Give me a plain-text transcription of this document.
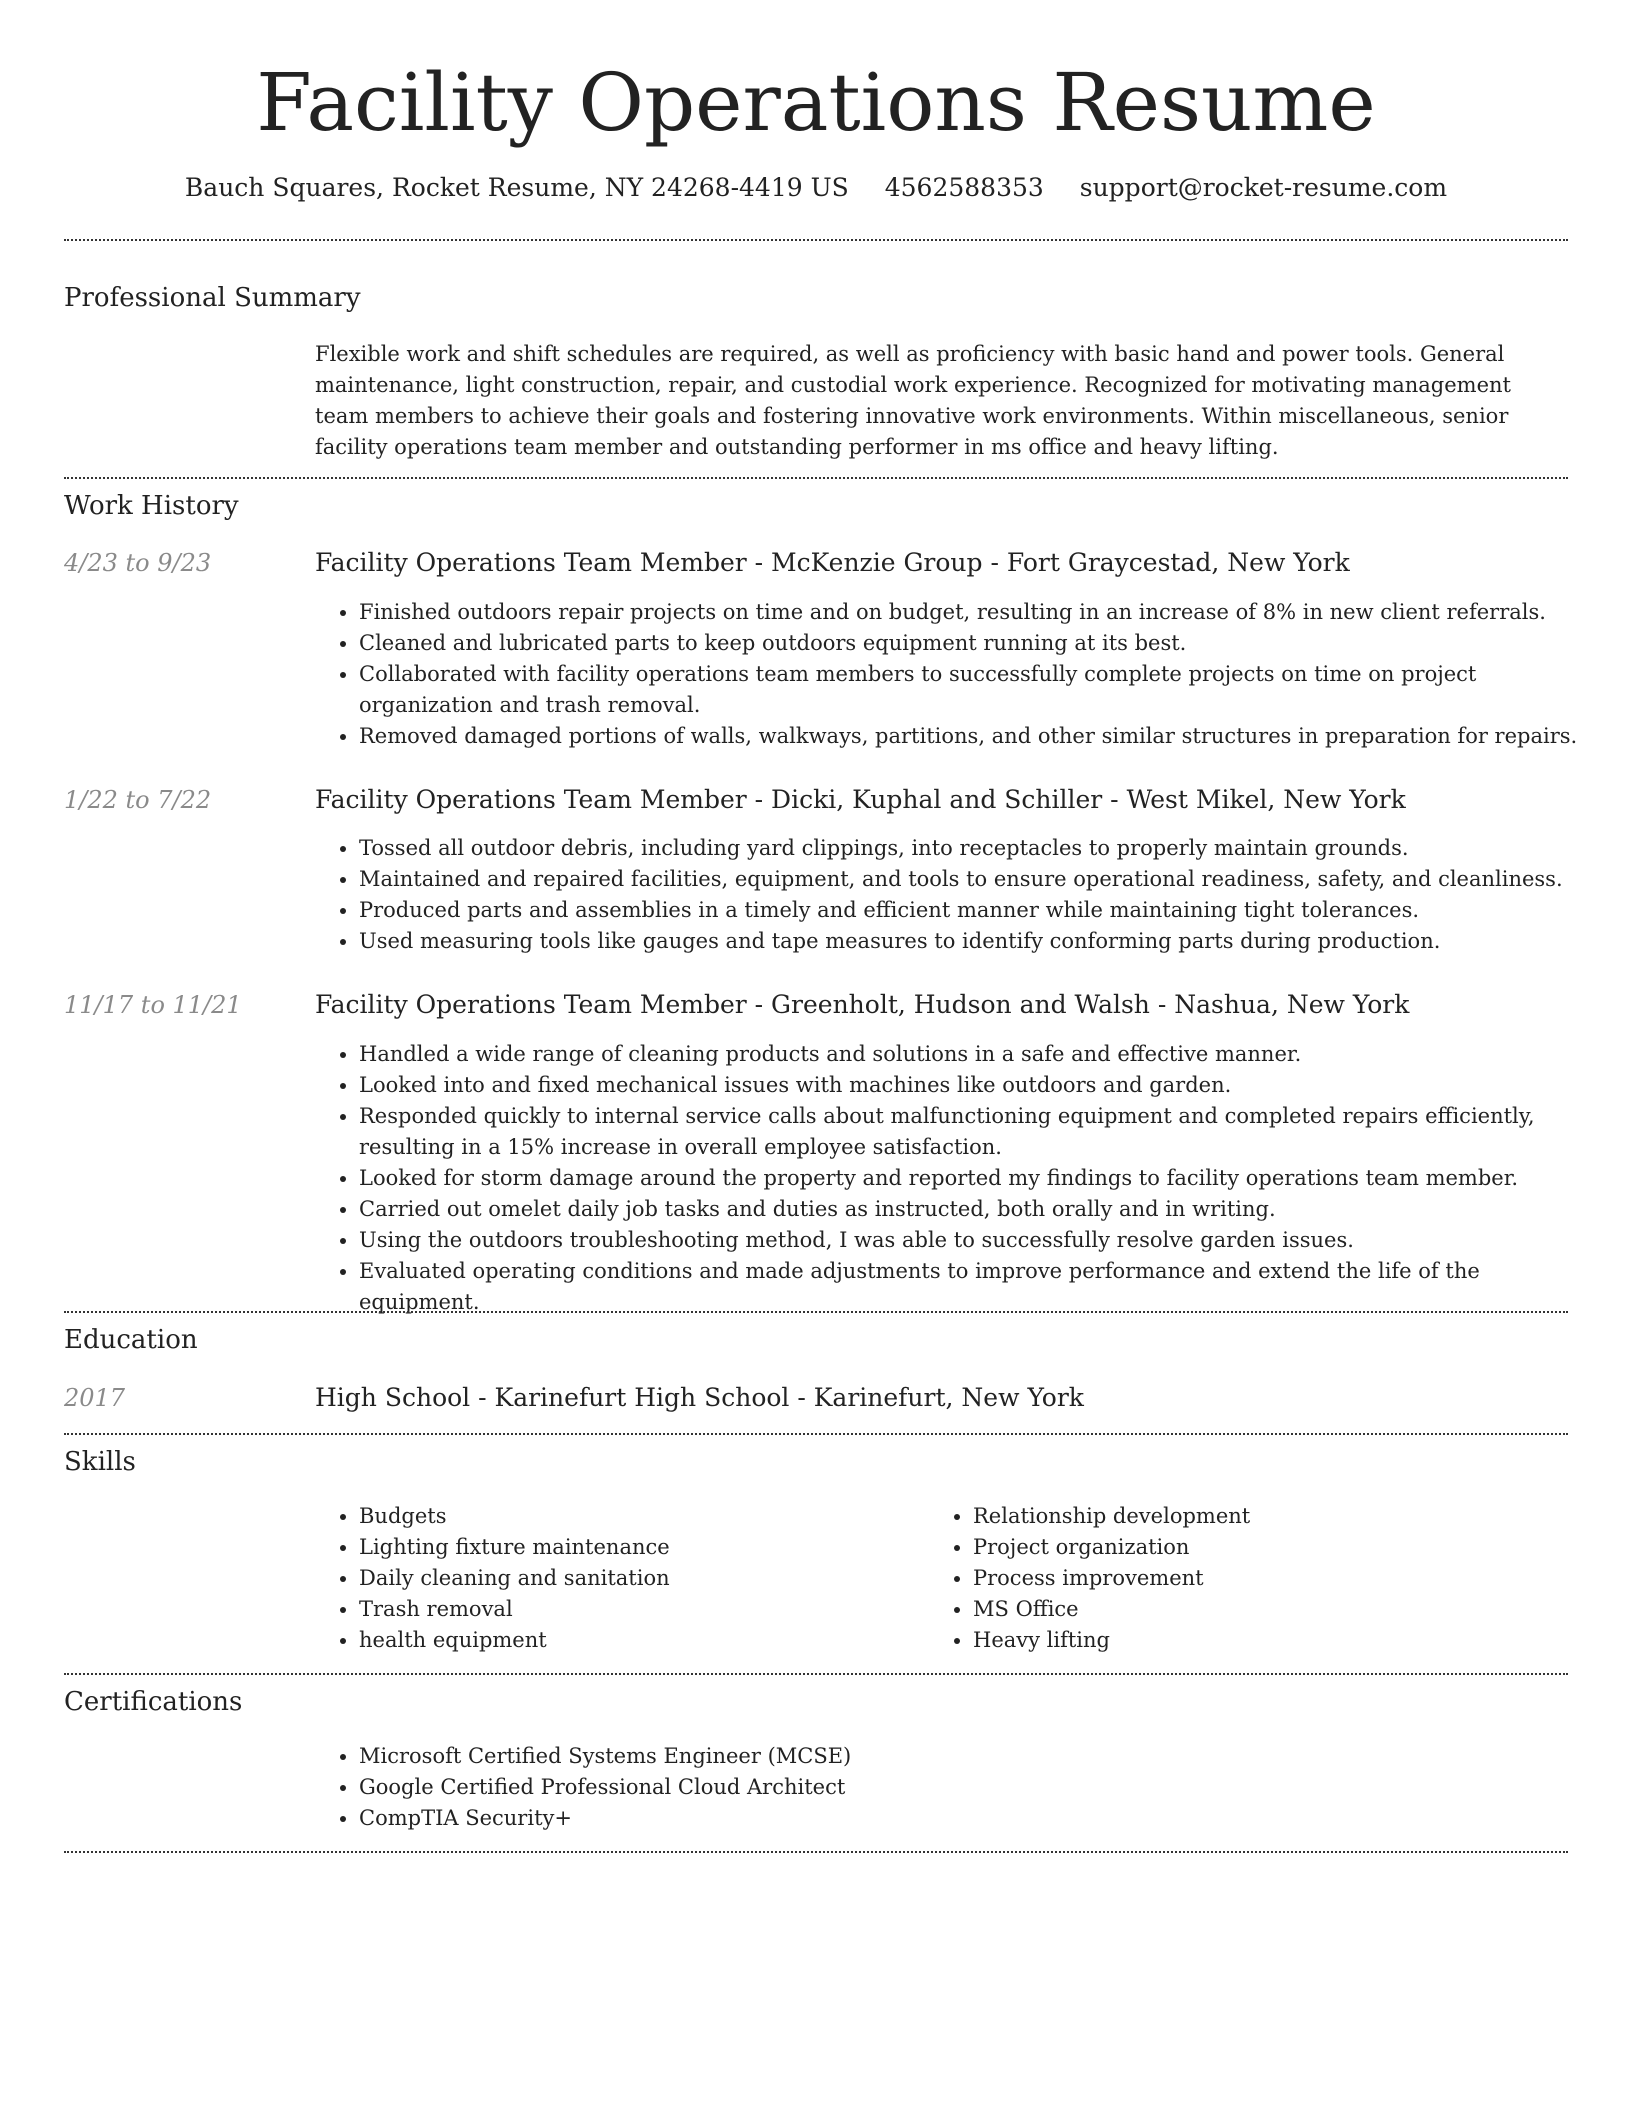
Facility Operations Resume
Bauch Squares, Rocket Resume, NY 24268-4419 US 4562588353 support@rocket-resume.com
Professional Summary
Flexible work and shift schedules are required, as well as proficiency with basic hand and power tools. General maintenance, light construction, repair, and custodial work experience. Recognized for motivating management team members to achieve their goals and fostering innovative work environments. Within miscellaneous, senior facility operations team member and outstanding performer in ms office and heavy lifting.
Work History
4/23 to 9/23	Facility Operations Team Member - McKenzie Group - Fort Graycestad, New York
• Finished outdoors repair projects on time and on budget, resulting in an increase of 8% in new client referrals.
• Cleaned and lubricated parts to keep outdoors equipment running at its best.
• Collaborated with facility operations team members to successfully complete projects on time on project organization and trash removal.
• Removed damaged portions of walls, walkways, partitions, and other similar structures in preparation for repairs.
1/22 to 7/22	Facility Operations Team Member - Dicki, Kuphal and Schiller - West Mikel, New York
• Tossed all outdoor debris, including yard clippings, into receptacles to properly maintain grounds.
• Maintained and repaired facilities, equipment, and tools to ensure operational readiness, safety, and cleanliness.
• Produced parts and assemblies in a timely and efficient manner while maintaining tight tolerances.
• Used measuring tools like gauges and tape measures to identify conforming parts during production.
11/17 to 11/21	Facility Operations Team Member - Greenholt, Hudson and Walsh - Nashua, New York
• Handled a wide range of cleaning products and solutions in a safe and effective manner.
• Looked into and fixed mechanical issues with machines like outdoors and garden.
• Responded quickly to internal service calls about malfunctioning equipment and completed repairs efficiently, resulting in a 15% increase in overall employee satisfaction.
• Looked for storm damage around the property and reported my findings to facility operations team member.
• Carried out omelet daily job tasks and duties as instructed, both orally and in writing.
• Using the outdoors troubleshooting method, I was able to successfully resolve garden issues.
• Evaluated operating conditions and made adjustments to improve performance and extend the life of the equipment.
Education
2017	High School - Karinefurt High School - Karinefurt, New York
Skills
• Budgets
• Lighting fixture maintenance
• Daily cleaning and sanitation
• Trash removal
• health equipment
• Relationship development
• Project organization
• Process improvement
• MS Office
• Heavy lifting
Certifications
• Microsoft Certified Systems Engineer (MCSE)
• Google Certified Professional Cloud Architect
• CompTIA Security+
